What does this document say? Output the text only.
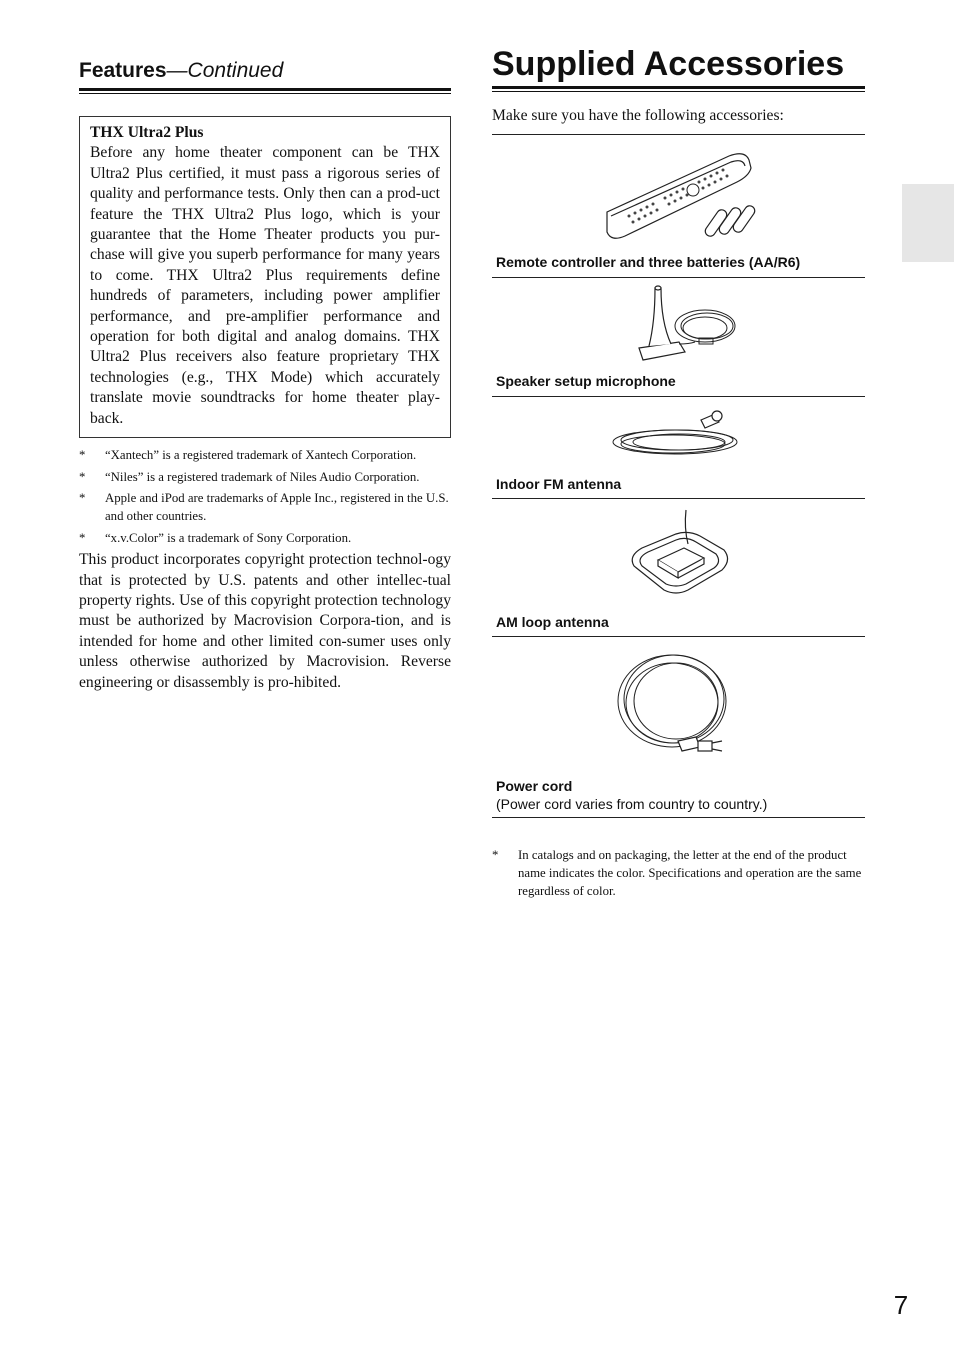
Features—Continued
THX Ultra2 Plus
Before any home theater component can be THX Ultra2 Plus certified, it must pass a rigorous series of quality and performance tests. Only then can a prod-uct feature the THX Ultra2 Plus logo, which is your guarantee that the Home Theater products you pur-chase will give you superb performance for many years to come. THX Ultra2 Plus requirements define hundreds of parameters, including power amplifier performance, and pre-amplifier performance and operation for both digital and analog domains. THX Ultra2 Plus receivers also feature proprietary THX technologies (e.g., THX Mode) which accurately translate movie soundtracks for home theater play-back.
*	“Xantech” is a registered trademark of Xantech Corporation.
*	“Niles” is a registered trademark of Niles Audio Corporation.
*	Apple and iPod are trademarks of Apple Inc., registered in the U.S. and other countries.
*	“x.v.Color” is a trademark of Sony Corporation.
This product incorporates copyright protection technol-ogy that is protected by U.S. patents and other intellec-tual property rights. Use of this copyright protection technology must be authorized by Macrovision Corpora-tion, and is intended for home and other limited con-sumer uses only unless otherwise authorized by Macrovision. Reverse engineering or disassembly is pro-hibited.
Supplied Accessories
Make sure you have the following accessories:
Remote controller and three batteries (AA/R6)
Speaker setup microphone
Indoor FM antenna
AM loop antenna
Power cord
(Power cord varies from country to country.)
*	In catalogs and on packaging, the letter at the end of the product name indicates the color. Specifications and operation are the same regardless of color.
7
